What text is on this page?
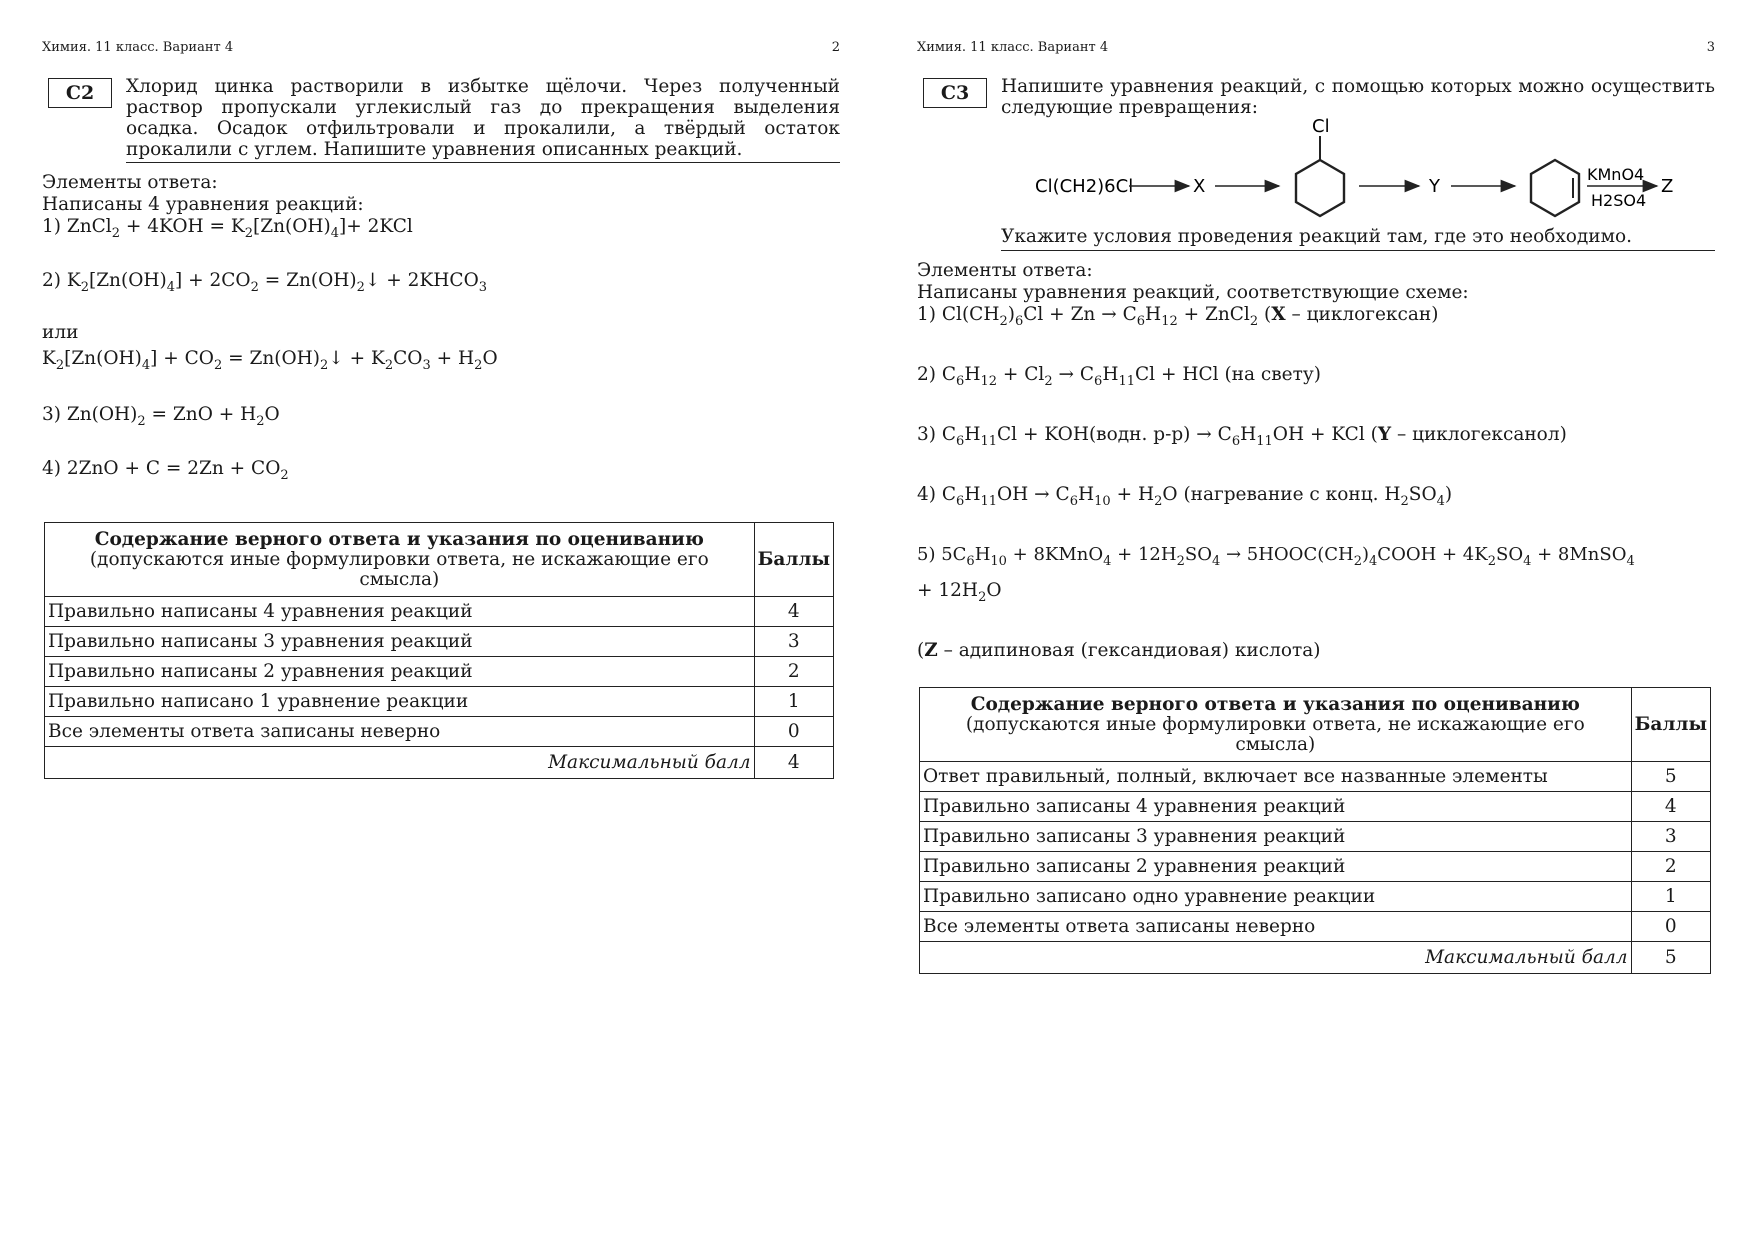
Химия. 11 класс. Вариант 4	2
С2	Хлорид цинка растворили в избытке щёлочи. Через полученный раствор пропускали углекислый газ до прекращения выделения осадка. Осадок отфильтровали и прокалили, а твёрдый остаток прокалили с углем. Напишите уравнения описанных реакций.
Элементы ответа:
Написаны 4 уравнения реакций:
1) ZnCl$_2$ + $4KOH = K_2[Zn(OH)_4]+ 2KCl$
2) $K_2[Zn(OH)_4] + 2CO_2$ = $Zn(OH)_2↓$ + $2KHCO_3$
или
$K_2[Zn(OH)_4] + CO_2$ = $Zn(OH)_2↓ + K_2CO_3 + H_2O$
3) $Zn(OH)_2$ = ZnO + $H_2O$
4) $2ZnO + C = 2Zn + CO_2$
Содержание верного ответа и указания по оцениванию
(допускаются иные формулировки ответа, не искажающие его смысла)	Баллы
Правильно написаны 4 уравнения реакций	4
Правильно написаны 3 уравнения реакций	3
Правильно написаны 2 уравнения реакций	2
Правильно написано 1 уравнение реакции	1
Все элементы ответа записаны неверно	0
Максимальный балл	4
Химия. 11 класс. Вариант 4	3
С3	Напишите уравнения реакций, с помощью которых можно осуществить следующие превращения:
Cl(CH2)6Cl	X
Cl
Y
KMnO4
H2SO4
Z
Укажите условия проведения реакций там, где это необходимо.
Элементы ответа:
Написаны уравнения реакций, соответствующие схеме:
1) $Cl(CH_2)_6Cl + Zn \to C_6H_{12}$ + ZnCl$_2$ (X – циклогексан)
2) $C_6H_{12} + Cl_2 \to C_6H_{11}Cl$ + HCl (на свету)
3) $C_6H_{11}Cl$ + KOH(водн. $р-р) \to C_6H_{11}OH$ + KCl (Y – циклогексанол)
4) $C_6H_{11}OH \to C_6H_{10} + H_2O$ (нагревание с конц. $H_2SO_4$)
5) $5C_6H_{10}$ + 8KMnO$_4$ + $12H_2SO_4$ → $5HOOC(CH_2)_4COOH + 4K_2SO_4$ + 8MnSO$_4$
+ $12H_2O$
(Z – адипиновая (гександиовая) кислота)
Содержание верного ответа и указания по оцениванию
(допускаются иные формулировки ответа, не искажающие его смысла)	Баллы
Ответ правильный, полный, включает все названные элементы	5
Правильно записаны 4 уравнения реакций	4
Правильно записаны 3 уравнения реакций	3
Правильно записаны 2 уравнения реакций	2
Правильно записано одно уравнение реакции	1
Все элементы ответа записаны неверно	0
Максимальный балл	5
